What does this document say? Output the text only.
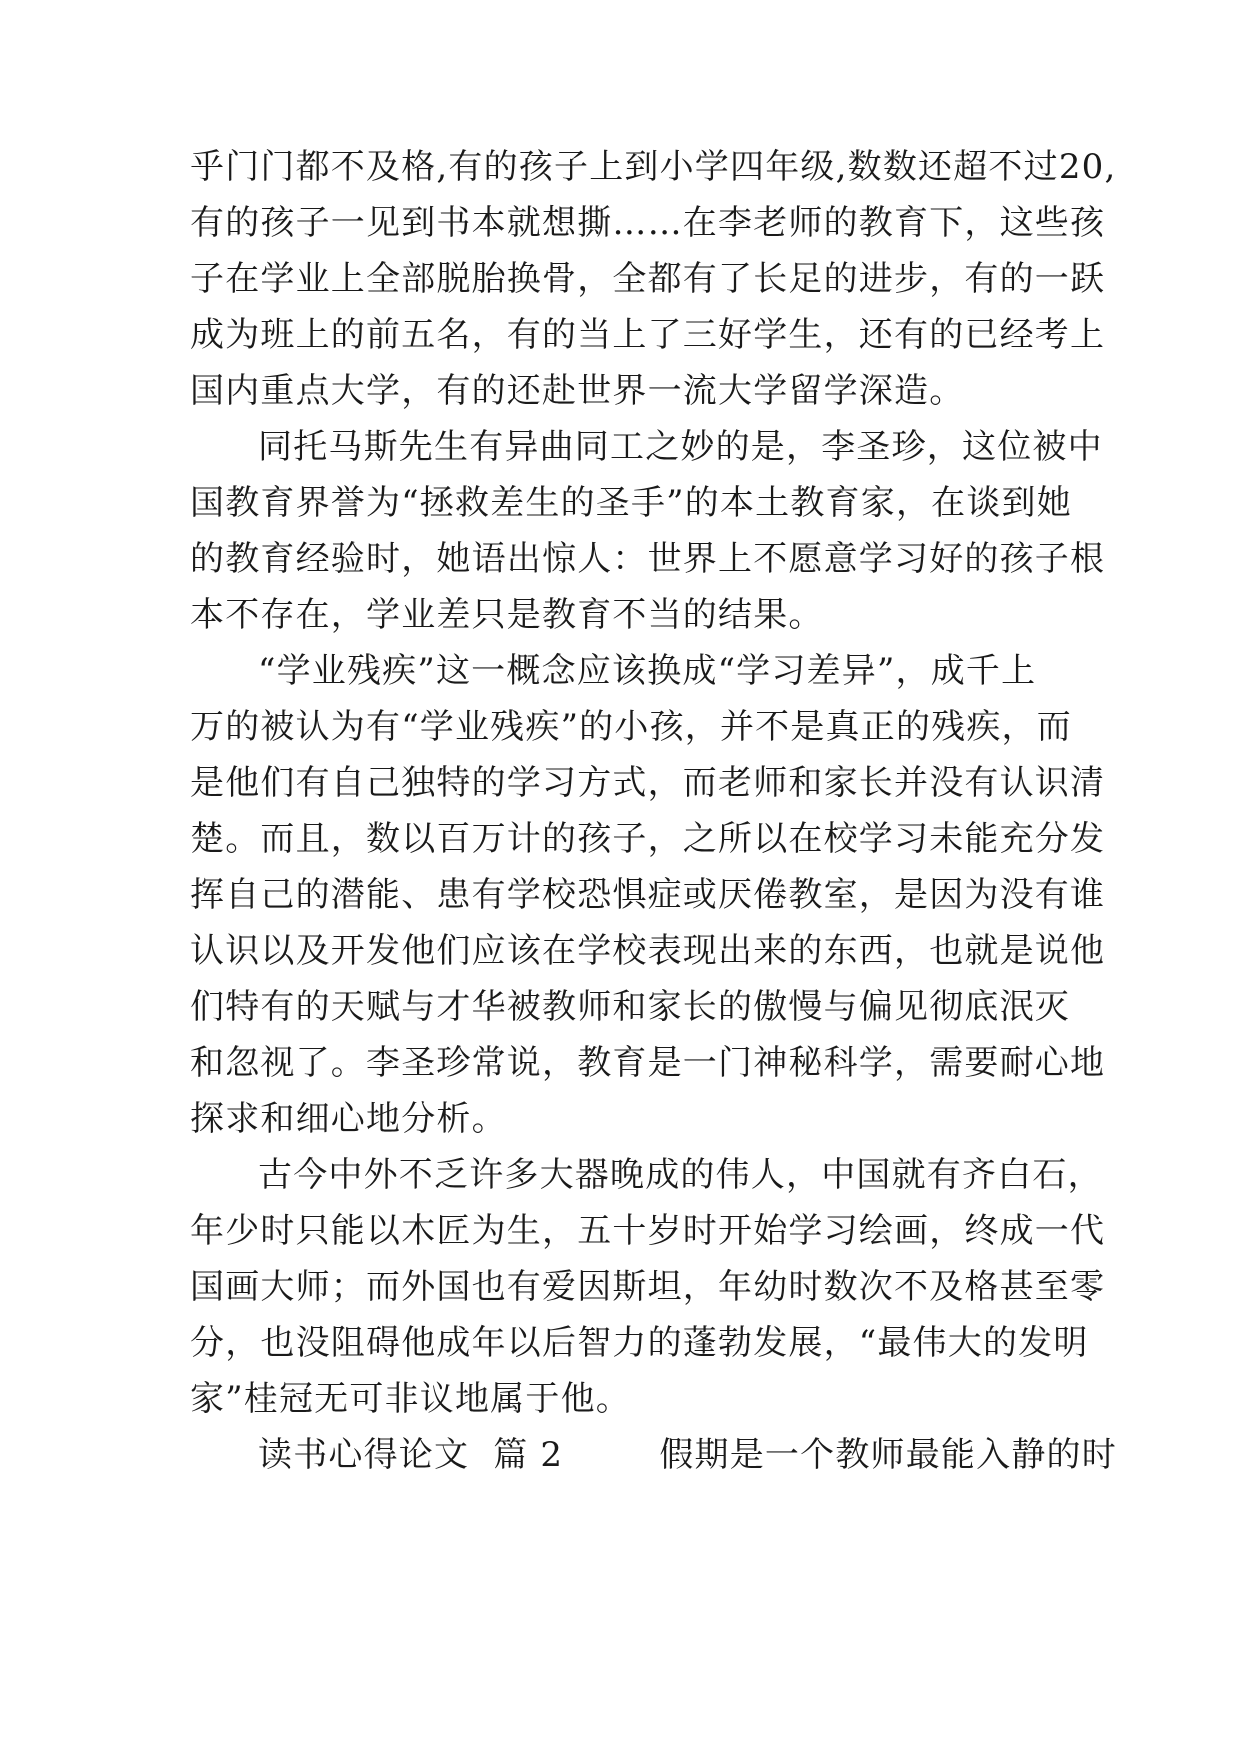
乎门门都不及格,有的孩子上到小学四年级,数数还超不过20,
有的孩子一见到书本就想撕……在李老师的教育下，这些孩
子在学业上全部脱胎换骨，全都有了长足的进步，有的一跃
成为班上的前五名，有的当上了三好学生，还有的已经考上
国内重点大学，有的还赴世界一流大学留学深造。
同托马斯先生有异曲同工之妙的是，李圣珍，这位被中
国教育界誉为“拯救差生的圣手”的本土教育家，在谈到她
的教育经验时，她语出惊人：世界上不愿意学习好的孩子根
本不存在，学业差只是教育不当的结果。
“学业残疾”这一概念应该换成“学习差异”，成千上
万的被认为有“学业残疾”的小孩，并不是真正的残疾，而
是他们有自己独特的学习方式，而老师和家长并没有认识清
楚。而且，数以百万计的孩子，之所以在校学习未能充分发
挥自己的潜能、患有学校恐惧症或厌倦教室，是因为没有谁
认识以及开发他们应该在学校表现出来的东西，也就是说他
们特有的天赋与才华被教师和家长的傲慢与偏见彻底泯灭
和忽视了。李圣珍常说，教育是一门神秘科学，需要耐心地
探求和细心地分析。
古今中外不乏许多大器晚成的伟人，中国就有齐白石，
年少时只能以木匠为生，五十岁时开始学习绘画，终成一代
国画大师；而外国也有爱因斯坦，年幼时数次不及格甚至零
分，也没阻碍他成年以后智力的蓬勃发展，“最伟大的发明
家”桂冠无可非议地属于他。
读书心得论文  篇 2        假期是一个教师最能入静的时
